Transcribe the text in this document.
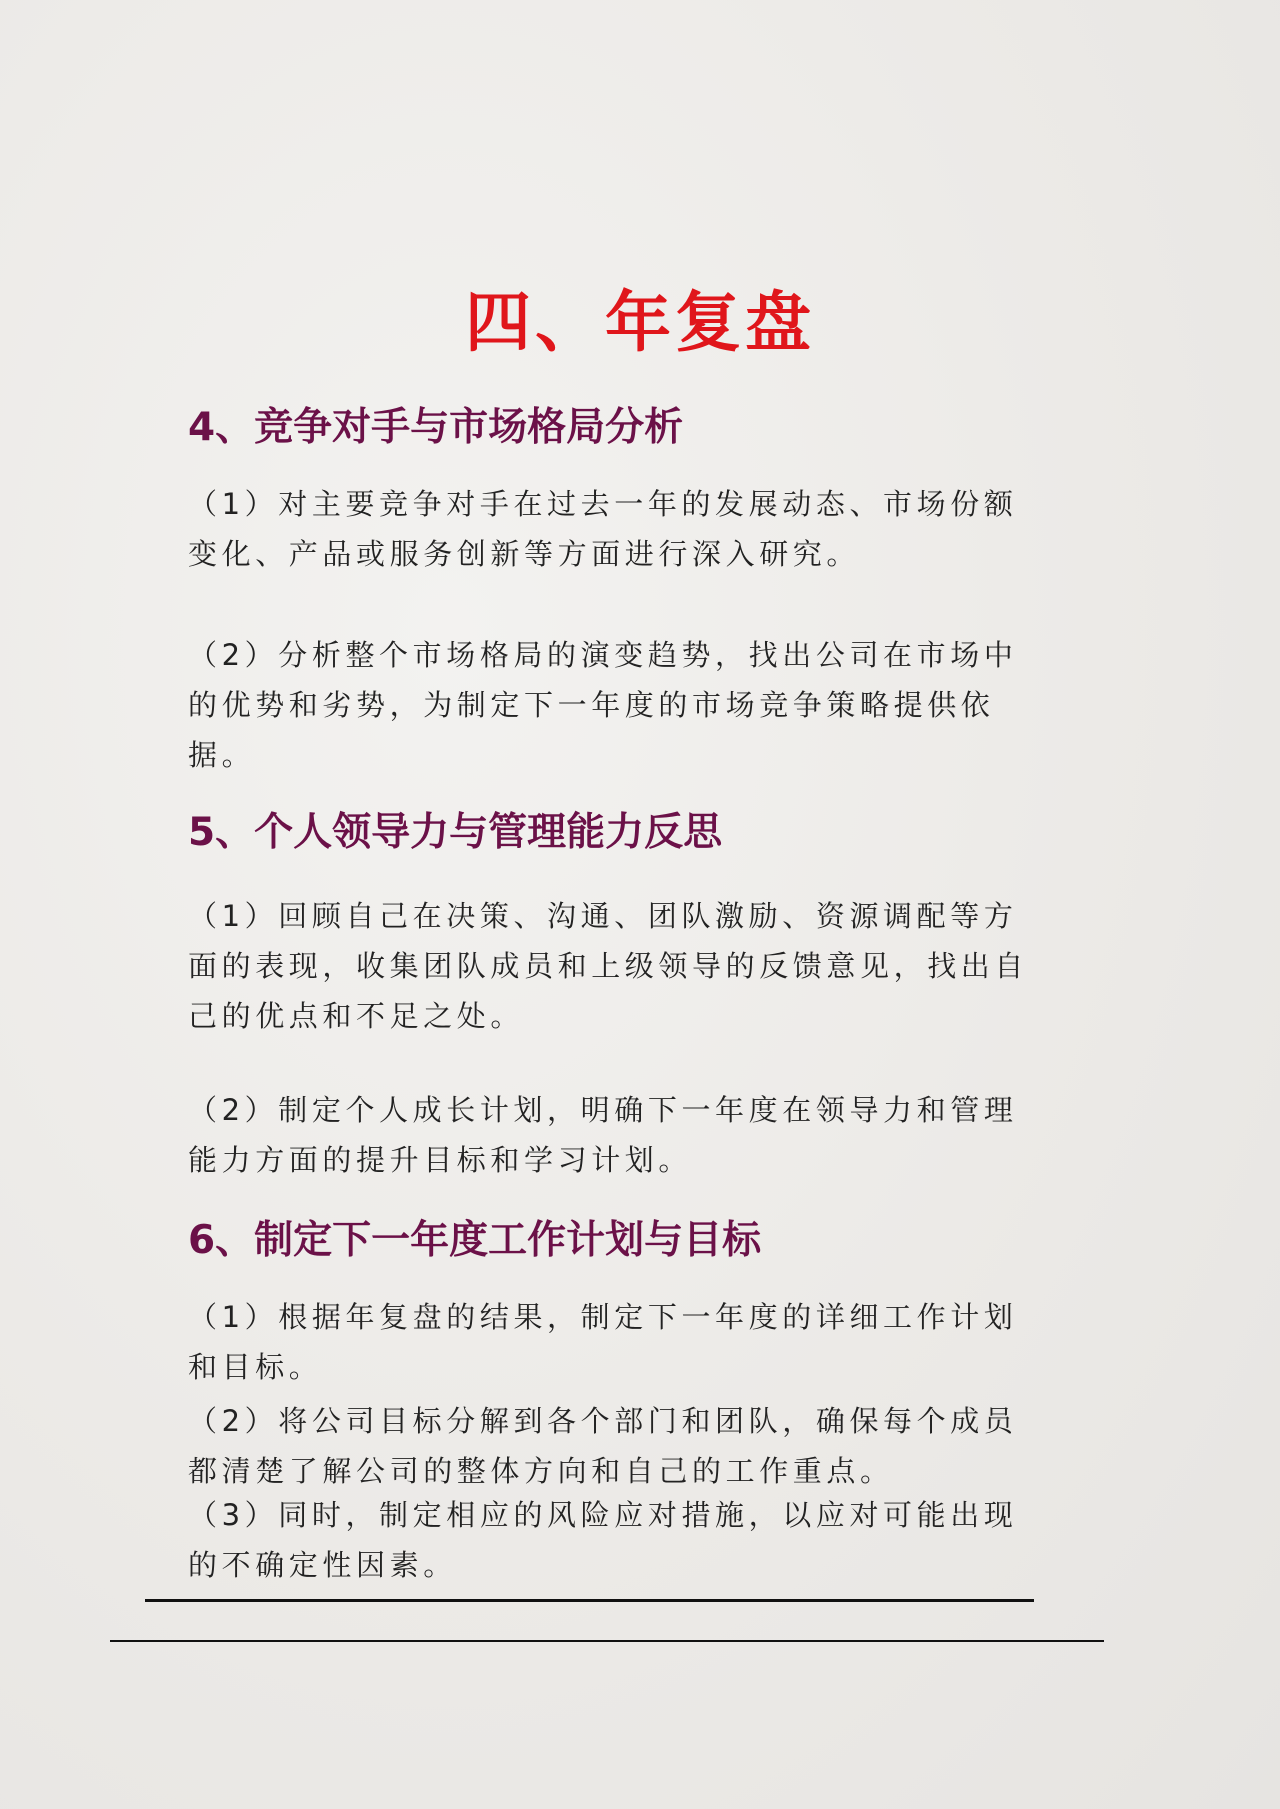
四、年复盘
4、竞争对手与市场格局分析

（1）对主要竞争对手在过去一年的发展动态、市场份额
变化、产品或服务创新等方面进行深入研究。

（2）分析整个市场格局的演变趋势，找出公司在市场中
的优势和劣势，为制定下一年度的市场竞争策略提供依
据。

5、个人领导力与管理能力反思

（1）回顾自己在决策、沟通、团队激励、资源调配等方
面的表现，收集团队成员和上级领导的反馈意见，找出自
己的优点和不足之处。

（2）制定个人成长计划，明确下一年度在领导力和管理
能力方面的提升目标和学习计划。

6、制定下一年度工作计划与目标

（1）根据年复盘的结果，制定下一年度的详细工作计划
和目标。

（2）将公司目标分解到各个部门和团队，确保每个成员
都清楚了解公司的整体方向和自己的工作重点。

（3）同时，制定相应的风险应对措施，以应对可能出现
的不确定性因素。
